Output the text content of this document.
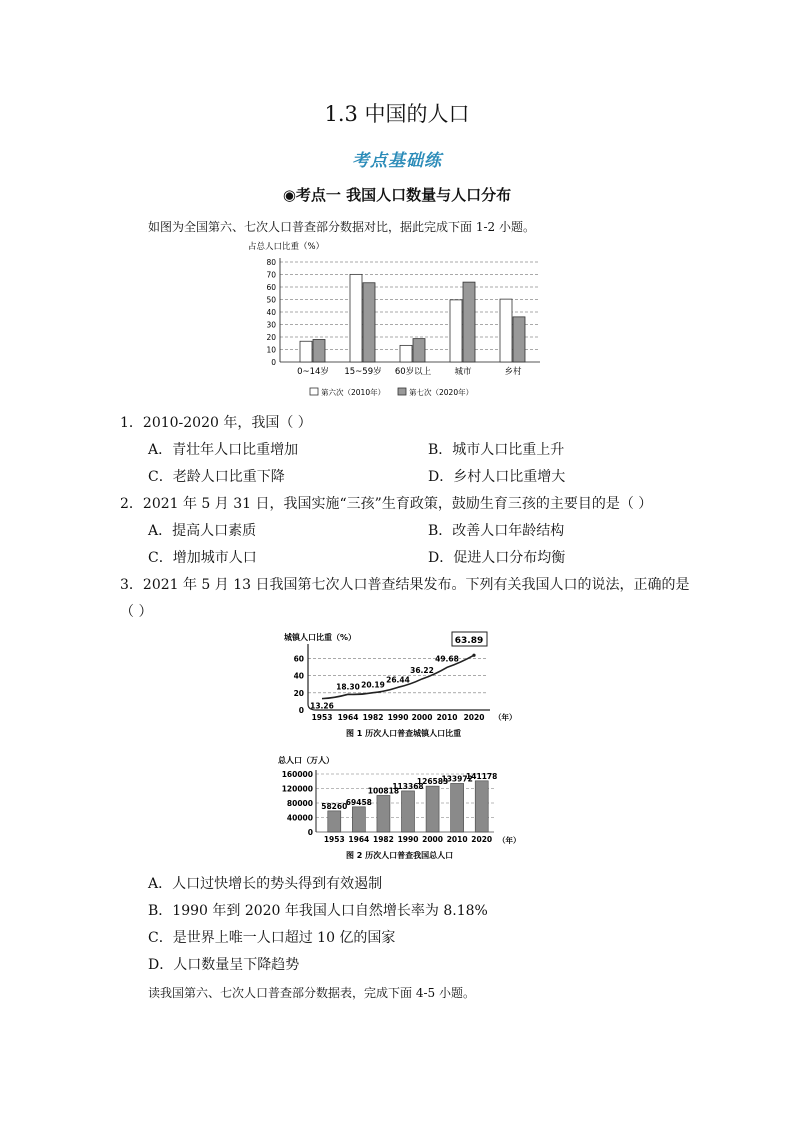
1.3 中国的人口
考点基础练
◉考点一 我国人口数量与人口分布
如图为全国第六、七次人口普查部分数据对比，据此完成下面 1-2 小题。
占总人口比重（%）
0
10
20
30
40
50
60
70
80
0~14岁 15~59岁 60岁以上	城市	乡村
第六次（2010年）	第七次（2020年）
1．2010-2020 年，我国（ ）
A．青壮年人口比重增加	B．城市人口比重上升
C．老龄人口比重下降	D．乡村人口比重增大
2．2021 年 5 月 31 日，我国实施“三孩”生育政策，鼓励生育三孩的主要目的是（ ）
A．提高人口素质	B．改善人口年龄结构
C．增加城市人口	D．促进人口分布均衡
3．2021 年 5 月 13 日我国第七次人口普查结果发布。下列有关我国人口的说法，正确的是
（ ）
城镇人口比重（%）
0
20
40
60
13.26
18.30 20.19
26.44
36.22
49.68
63.89
1953 1964 1982 1990 2000 2010 2020 （年）
图 1 历次人口普查城镇人口比重
总人口（万人）
0
40000
80000
120000
160000
58260
69458
100818
113368
126583
133972
141178
1953 1964 1982 1990 2000 2010 2020 （年）
图 2 历次人口普查我国总人口
A．人口过快增长的势头得到有效遏制
B．1990 年到 2020 年我国人口自然增长率为 8.18%
C．是世界上唯一人口超过 10 亿的国家
D．人口数量呈下降趋势
读我国第六、七次人口普查部分数据表，完成下面 4-5 小题。
